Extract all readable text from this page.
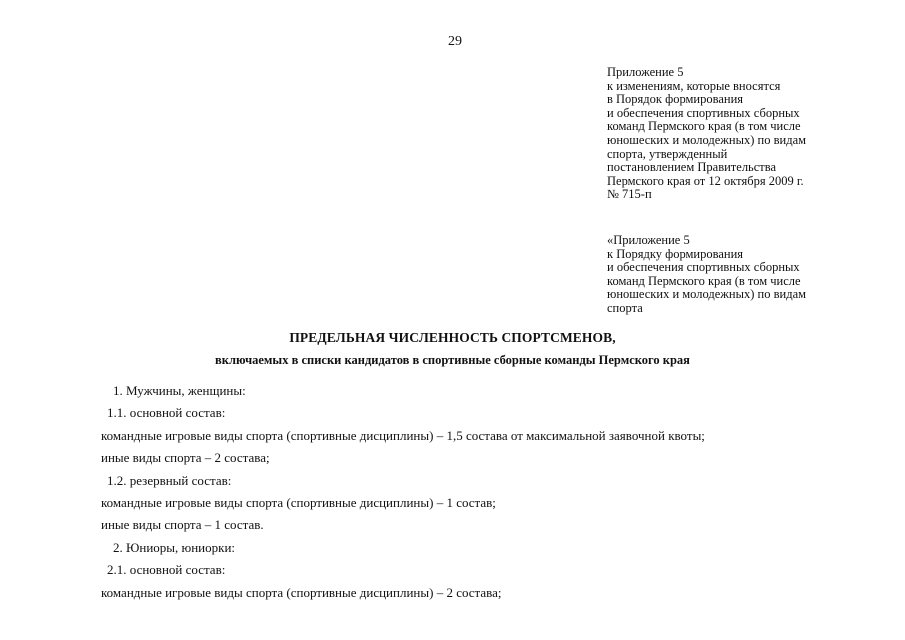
29
Приложение 5
к изменениям, которые вносятся
в Порядок формирования
и обеспечения спортивных сборных
команд Пермского края (в том числе
юношеских и молодежных) по видам
спорта, утвержденный
постановлением Правительства
Пермского края от 12 октября 2009 г.
№ 715-п
«Приложение 5
к Порядку формирования
и обеспечения спортивных сборных
команд Пермского края (в том числе
юношеских и молодежных) по видам
спорта
ПРЕДЕЛЬНАЯ ЧИСЛЕННОСТЬ СПОРТСМЕНОВ,
включаемых в списки кандидатов в спортивные сборные команды Пермского края
1. Мужчины, женщины:
1.1. основной состав:
командные игровые виды спорта (спортивные дисциплины) – 1,5 состава от максимальной заявочной квоты;
иные виды спорта – 2 состава;
1.2. резервный состав:
командные игровые виды спорта (спортивные дисциплины) – 1 состав;
иные виды спорта – 1 состав.
2. Юниоры, юниорки:
2.1. основной состав:
командные игровые виды спорта (спортивные дисциплины) – 2 состава;
